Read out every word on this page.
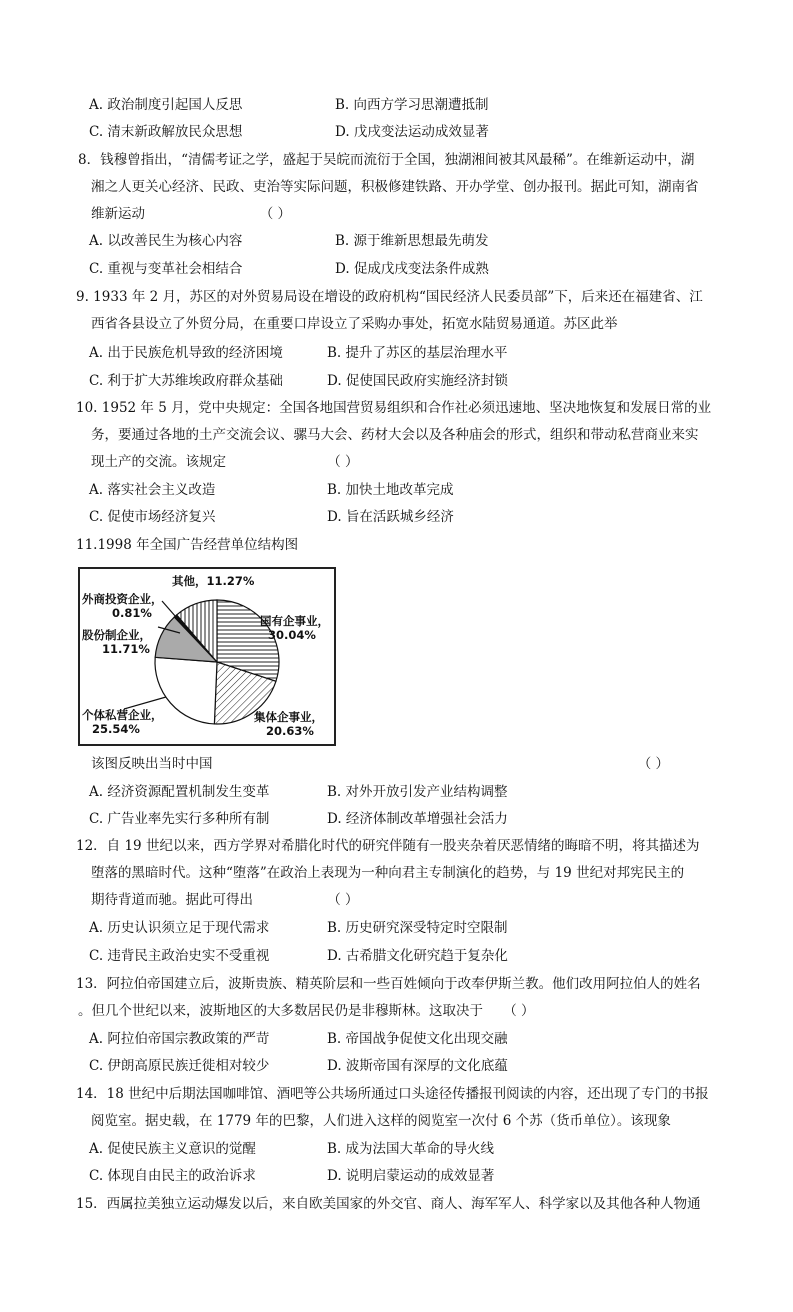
A. 政治制度引起国人反思	B. 向西方学习思潮遭抵制
C. 清末新政解放民众思想	D. 戊戌变法运动成效显著
8．钱穆曾指出，“清儒考证之学，盛起于吴皖而流衍于全国，独湖湘间被其风最稀”。在维新运动中，湖
湘之人更关心经济、民政、吏治等实际问题，积极修建铁路、开办学堂、创办报刊。据此可知，湖南省
维新运动　　　　　　　　　（ ）
A. 以改善民生为核心内容	B. 源于维新思想最先萌发
C. 重视与变革社会相结合	D. 促成戊戌变法条件成熟
9. 1933 年 2 月，苏区的对外贸易局设在增设的政府机构“国民经济人民委员部”下，后来还在福建省、江
西省各县设立了外贸分局，在重要口岸设立了采购办事处，拓宽水陆贸易通道。苏区此举
A. 出于民族危机导致的经济困境	B. 提升了苏区的基层治理水平
C. 利于扩大苏维埃政府群众基础	D. 促使国民政府实施经济封锁
10. 1952 年 5 月，党中央规定：全国各地国营贸易组织和合作社必须迅速地、坚决地恢复和发展日常的业
务，要通过各地的土产交流会议、骡马大会、药材大会以及各种庙会的形式，组织和带动私营商业来实
现土产的交流。该规定　　　　　　　　（ ）
A. 落实社会主义改造	B. 加快土地改革完成
C. 促使市场经济复兴	D. 旨在活跃城乡经济
11.1998 年全国广告经营单位结构图
其他，11.27%
外商投资企业，
0.81%
股份制企业，
11.71%
国有企事业，
30.04%
个体私营企业，
25.54%
集体企事业，
20.63%
该图反映出当时中国　　　　　　　　　　　　　　　　　　　　　　　　　　　　　　　　（ ）
A. 经济资源配置机制发生变革	B. 对外开放引发产业结构调整
C. 广告业率先实行多种所有制	D. 经济体制改革增强社会活力
12．自 19 世纪以来，西方学界对希腊化时代的研究伴随有一股夹杂着厌恶情绪的晦暗不明，将其描述为
堕落的黑暗时代。这种“堕落”在政治上表现为一种向君主专制演化的趋势，与 19 世纪对邦宪民主的
期待背道而驰。据此可得出　　　　　　（ ）
A. 历史认识须立足于现代需求	B. 历史研究深受特定时空限制
C. 违背民主政治史实不受重视	D. 古希腊文化研究趋于复杂化
13．阿拉伯帝国建立后，波斯贵族、精英阶层和一些百姓倾向于改奉伊斯兰教。他们改用阿拉伯人的姓名
。但几个世纪以来，波斯地区的大多数居民仍是非穆斯林。这取决于　　（ ）
A. 阿拉伯帝国宗教政策的严苛	B. 帝国战争促使文化出现交融
C. 伊朗高原民族迁徙相对较少	D. 波斯帝国有深厚的文化底蕴
14．18 世纪中后期法国咖啡馆、酒吧等公共场所通过口头途径传播报刊阅读的内容，还出现了专门的书报
阅览室。据史载，在 1779 年的巴黎，人们进入这样的阅览室一次付 6 个苏（货币单位）。该现象
A. 促使民族主义意识的觉醒	B. 成为法国大革命的导火线
C. 体现自由民主的政治诉求	D. 说明启蒙运动的成效显著
15．西属拉美独立运动爆发以后，来自欧美国家的外交官、商人、海军军人、科学家以及其他各种人物通
